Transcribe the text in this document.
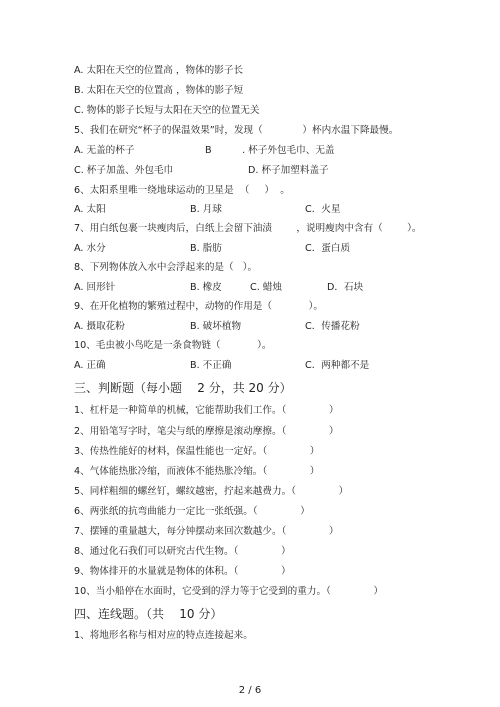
A. 太阳在天空的位置高 ，物体的影子长
B. 太阳在天空的位置高 ，物体的影子短
C. 物体的影子长短与太阳在天空的位置无关
5、我们在研究“杯子的保温效果”时，发现（             ）杯内水温下降最慢。
A. 无盖的杯子	B          . 杯子外包毛巾、无盖
C. 杯子加盖、外包毛巾	D. 杯子加塑料盖子
6、太阳系里唯一绕地球运动的卫星是  （     ）  。
A. 太阳	B. 月球	C．火星
7、用白纸包裹一块瘦肉后，白纸上会留下油渍        ，说明瘦肉中含有（        ）。
A. 水分	B. 脂肪	C．蛋白质
8、下列物体放入水中会浮起来的是（   ）。
A. 回形针	B. 橡皮	C. 蜡烛	D．石块
9、在开化植物的繁殖过程中，动物的作用是（            ）。
A. 摄取花粉	B. 破坏植物	C．传播花粉
10、毛虫被小鸟吃是一条食物链（            ）。
A. 正确	B. 不正确	C．两种都不是
三、判断题（每小题    2 分，共 20 分）
1、杠杆是一种简单的机械，它能帮助我们工作。（              ）
2、用铅笔写字时，笔尖与纸的摩擦是滚动摩擦。（              ）
3、传热性能好的材料，保温性能也一定好。（              ）
4、气体能热胀冷缩，而液体不能热胀冷缩。（              ）
5、同样粗细的螺丝钉，螺纹越密，拧起来越费力。（              ）
6、两张纸的抗弯曲能力一定比一张纸强。（              ）
7、摆锤的重量越大，每分钟摆动来回次数越少。（              ）
8、通过化石我们可以研究古代生物。（              ）
9、物体排开的水量就是物体的体积。（              ）
10、当小船停在水面时，它受到的浮力等于它受到的重力。（              ）
四、连线题。（共    10 分）
1、将地形名称与相对应的特点连接起来。
2 / 6
